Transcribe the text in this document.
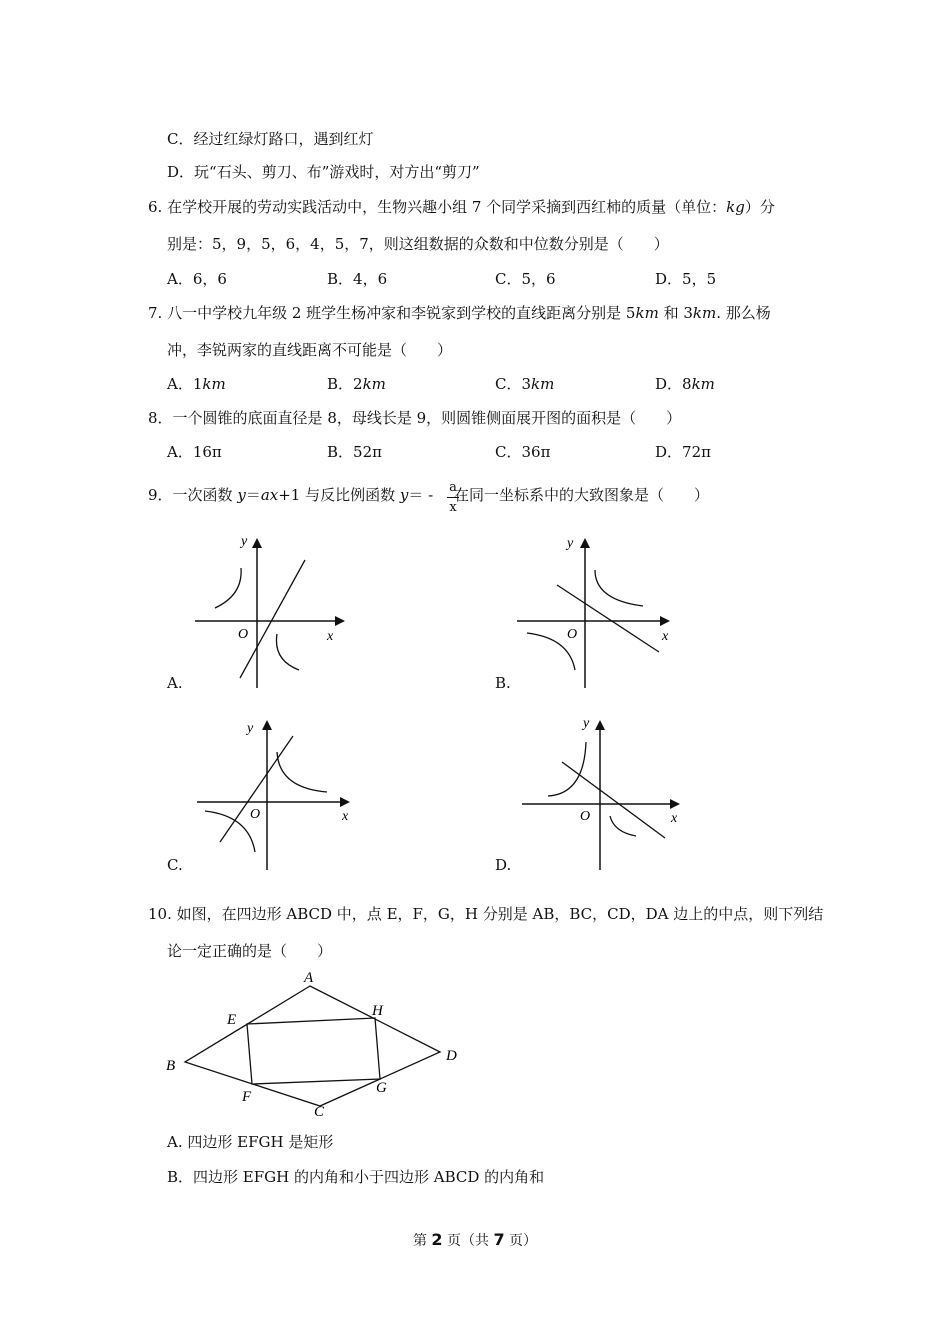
C．经过红绿灯路口，遇到红灯
D．玩“石头、剪刀、布”游戏时，对方出“剪刀”
6. 在学校开展的劳动实践活动中，生物兴趣小组 7 个同学采摘到西红柿的质量（单位：kg）分
别是：5，9，5，6，4，5，7，则这组数据的众数和中位数分别是（　　）
A．6，6	B．4，6	C．5，6	D．5，5
7. 八一中学校九年级 2 班学生杨冲家和李锐家到学校的直线距离分别是 5km 和 3km. 那么杨
冲，李锐两家的直线距离不可能是（　　）
A．1km	B．2km	C．3km	D．8km
8．一个圆锥的底面直径是 8，母线长是 9，则圆锥侧面展开图的面积是（　　）
A．16π	B．52π	C．36π	D．72π
9．一次函数 y＝ax+1 与反比例函数 y＝ - 在同一坐标系中的大致图象是（　　）
a
x
y
x
O
A.
y
x
O
B.
y
x
O
C.
y
x
O
D.
10. 如图，在四边形 ABCD 中，点 E，F，G，H 分别是 AB，BC，CD，DA 边上的中点，则下列结
论一定正确的是（　　）
A
B
C
D
E
F
G
H
A. 四边形 EFGH 是矩形
B．四边形 EFGH 的内角和小于四边形 ABCD 的内角和
第 2 页（共 7 页）
